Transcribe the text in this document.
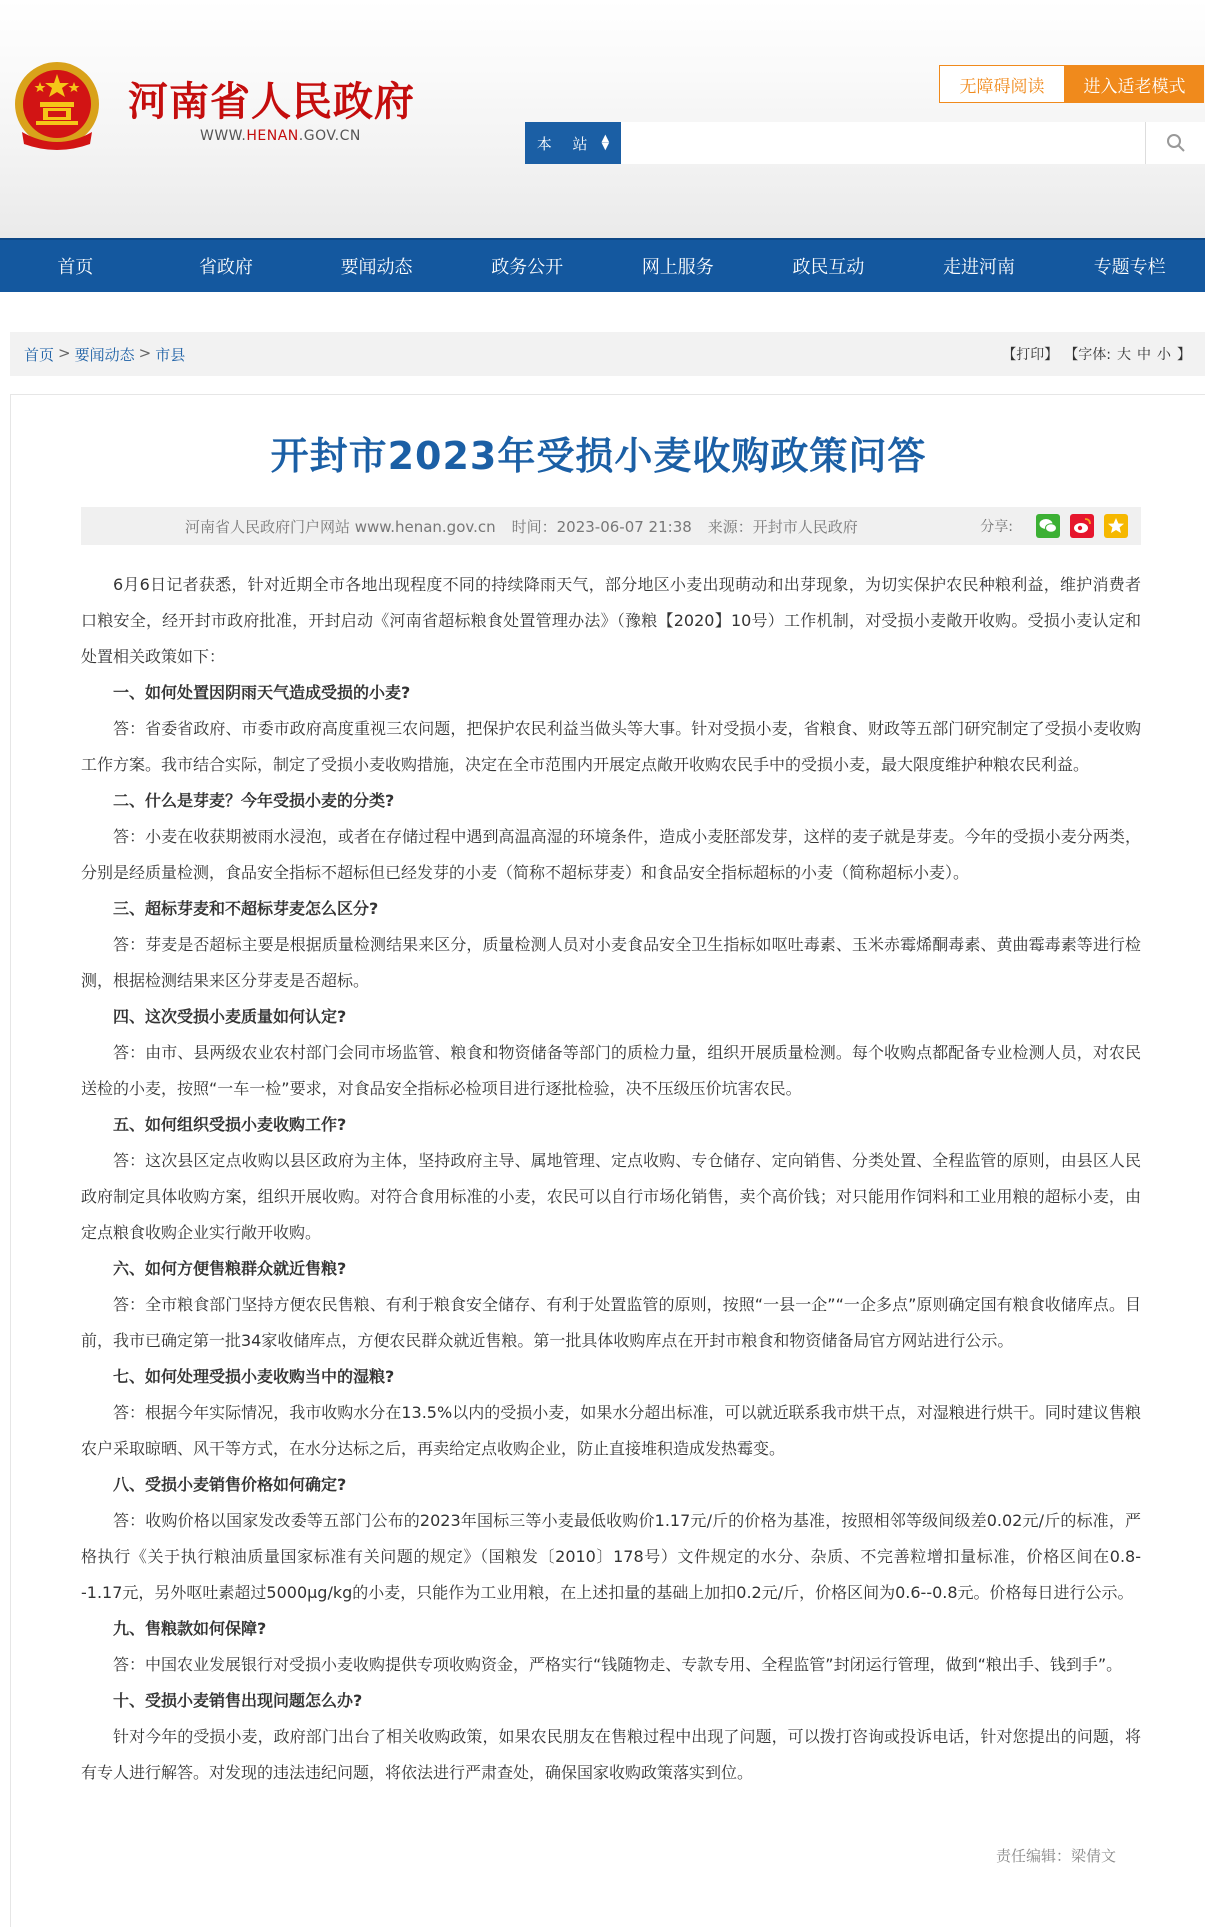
河南省人民政府
WWW.HENAN.GOV.CN
无障碍阅读	进入适老模式
本 站 ▲
▼
首页	省政府	要闻动态	政务公开	网上服务	政民互动	走进河南	专题专栏
首页 > 要闻动态 > 市县	【打印】 【字体: 大 中 小 】
开封市2023年受损小麦收购政策问答
河南省人民政府门户网站 www.henan.gov.cn 时间：2023-06-07 21:38 来源：开封市人民政府	分享:

6月6日记者获悉，针对近期全市各地出现程度不同的持续降雨天气，部分地区小麦出现萌动和出芽现象，为切实保护农民种粮利益，维护消费者口粮安全，经开封市政府批准，开封启动《河南省超标粮食处置管理办法》（豫粮【2020】10号）工作机制，对受损小麦敞开收购。受损小麦认定和处置相关政策如下：

一、如何处置因阴雨天气造成受损的小麦?

答：省委省政府、市委市政府高度重视三农问题，把保护农民利益当做头等大事。针对受损小麦，省粮食、财政等五部门研究制定了受损小麦收购工作方案。我市结合实际，制定了受损小麦收购措施，决定在全市范围内开展定点敞开收购农民手中的受损小麦，最大限度维护种粮农民利益。

二、什么是芽麦？今年受损小麦的分类?

答：小麦在收获期被雨水浸泡，或者在存储过程中遇到高温高湿的环境条件，造成小麦胚部发芽，这样的麦子就是芽麦。今年的受损小麦分两类，分别是经质量检测，食品安全指标不超标但已经发芽的小麦（简称不超标芽麦）和食品安全指标超标的小麦（简称超标小麦）。

三、超标芽麦和不超标芽麦怎么区分?

答：芽麦是否超标主要是根据质量检测结果来区分，质量检测人员对小麦食品安全卫生指标如呕吐毒素、玉米赤霉烯酮毒素、黄曲霉毒素等进行检测，根据检测结果来区分芽麦是否超标。

四、这次受损小麦质量如何认定?

答：由市、县两级农业农村部门会同市场监管、粮食和物资储备等部门的质检力量，组织开展质量检测。每个收购点都配备专业检测人员，对农民送检的小麦，按照“一车一检”要求，对食品安全指标必检项目进行逐批检验，决不压级压价坑害农民。

五、如何组织受损小麦收购工作?

答：这次县区定点收购以县区政府为主体，坚持政府主导、属地管理、定点收购、专仓储存、定向销售、分类处置、全程监管的原则，由县区人民政府制定具体收购方案，组织开展收购。对符合食用标准的小麦，农民可以自行市场化销售，卖个高价钱；对只能用作饲料和工业用粮的超标小麦，由定点粮食收购企业实行敞开收购。

六、如何方便售粮群众就近售粮?

答：全市粮食部门坚持方便农民售粮、有利于粮食安全储存、有利于处置监管的原则，按照“一县一企”“一企多点”原则确定国有粮食收储库点。目前，我市已确定第一批34家收储库点，方便农民群众就近售粮。第一批具体收购库点在开封市粮食和物资储备局官方网站进行公示。

七、如何处理受损小麦收购当中的湿粮?

答：根据今年实际情况，我市收购水分在13.5%以内的受损小麦，如果水分超出标准，可以就近联系我市烘干点，对湿粮进行烘干。同时建议售粮农户采取晾晒、风干等方式，在水分达标之后，再卖给定点收购企业，防止直接堆积造成发热霉变。

八、受损小麦销售价格如何确定?

答：收购价格以国家发改委等五部门公布的2023年国标三等小麦最低收购价1.17元/斤的价格为基准，按照相邻等级间级差0.02元/斤的标准，严格执行《关于执行粮油质量国家标准有关问题的规定》（国粮发〔2010〕178号）文件规定的水分、杂质、不完善粒增扣量标准，价格区间在0.8--1.17元，另外呕吐素超过5000μg/kg的小麦，只能作为工业用粮，在上述扣量的基础上加扣0.2元/斤，价格区间为0.6--0.8元。价格每日进行公示。

九、售粮款如何保障?

答：中国农业发展银行对受损小麦收购提供专项收购资金，严格实行“钱随物走、专款专用、全程监管”封闭运行管理，做到“粮出手、钱到手”。

十、受损小麦销售出现问题怎么办?

针对今年的受损小麦，政府部门出台了相关收购政策，如果农民朋友在售粮过程中出现了问题，可以拨打咨询或投诉电话，针对您提出的问题，将有专人进行解答。对发现的违法违纪问题，将依法进行严肃查处，确保国家收购政策落实到位。

责任编辑：梁倩文
